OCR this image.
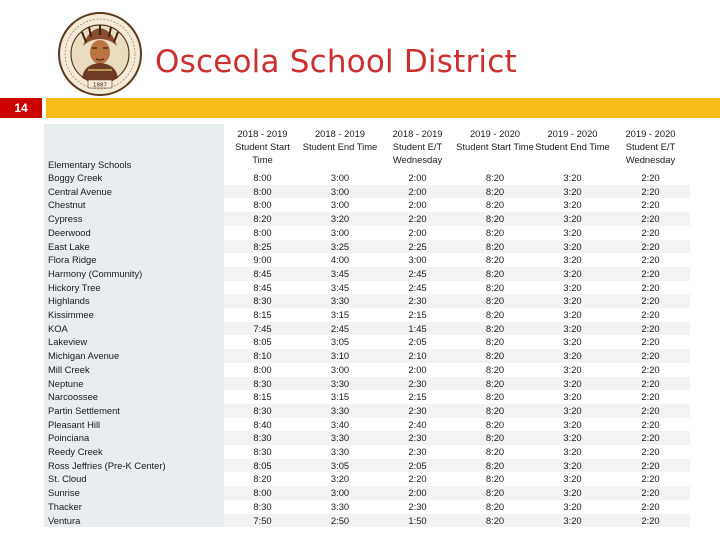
1887
Osceola School District
14
Elementary Schools	2018 - 2019 Student Start Time	2018 - 2019 Student End Time	2018 - 2019 Student E/T Wednesday	2019 - 2020 Student Start Time	2019 - 2020 Student End Time	2019 - 2020 Student E/T Wednesday
Boggy Creek	8:00	3:00	2:00	8:20	3:20	2:20
Central Avenue	8:00	3:00	2:00	8:20	3:20	2:20
Chestnut	8:00	3:00	2:00	8:20	3:20	2:20
Cypress	8:20	3:20	2:20	8:20	3:20	2:20
Deerwood	8:00	3:00	2:00	8:20	3:20	2:20
East Lake	8:25	3:25	2:25	8:20	3:20	2:20
Flora Ridge	9:00	4:00	3:00	8:20	3:20	2:20
Harmony (Community)	8:45	3:45	2:45	8:20	3:20	2:20
Hickory Tree	8:45	3:45	2:45	8:20	3:20	2:20
Highlands	8:30	3:30	2:30	8:20	3:20	2:20
Kissimmee	8:15	3:15	2:15	8:20	3:20	2:20
KOA	7:45	2:45	1:45	8:20	3:20	2:20
Lakeview	8:05	3:05	2:05	8:20	3:20	2:20
Michigan Avenue	8:10	3:10	2:10	8:20	3:20	2:20
Mill Creek	8:00	3:00	2:00	8:20	3:20	2:20
Neptune	8:30	3:30	2:30	8:20	3:20	2:20
Narcoossee	8:15	3:15	2:15	8:20	3:20	2:20
Partin Settlement	8:30	3:30	2:30	8:20	3:20	2:20
Pleasant Hill	8:40	3:40	2:40	8:20	3:20	2:20
Poinciana	8:30	3:30	2:30	8:20	3:20	2:20
Reedy Creek	8:30	3:30	2:30	8:20	3:20	2:20
Ross Jeffries (Pre-K Center)	8:05	3:05	2:05	8:20	3:20	2:20
St. Cloud	8:20	3:20	2:20	8:20	3:20	2:20
Sunrise	8:00	3:00	2:00	8:20	3:20	2:20
Thacker	8:30	3:30	2:30	8:20	3:20	2:20
Ventura	7:50	2:50	1:50	8:20	3:20	2:20
